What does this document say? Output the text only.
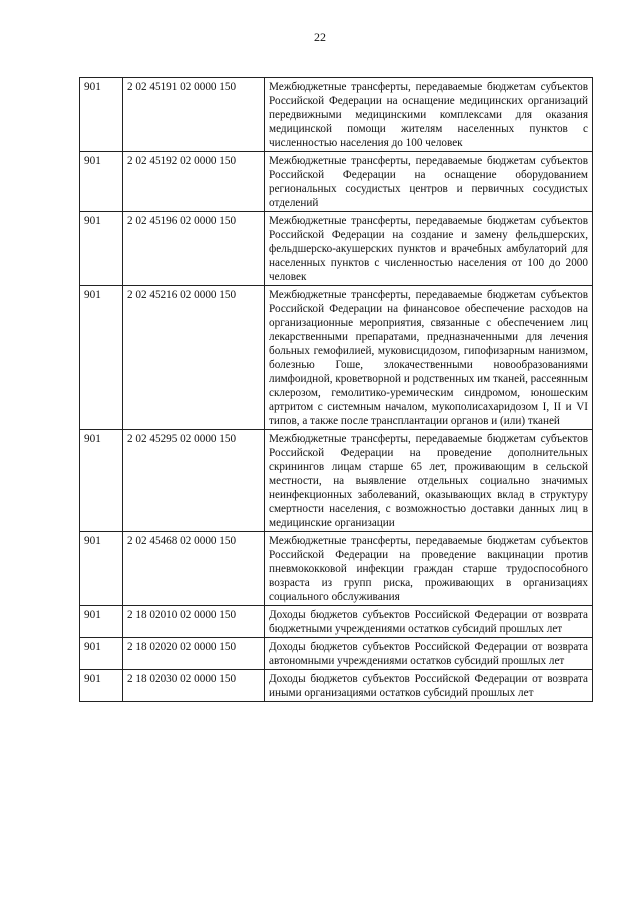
22
901	2 02 45191 02 0000 150	Межбюджетные трансферты, передаваемые бюджетам субъектов Российской Федерации на оснащение медицинских организаций передвижными медицинскими комплексами для оказания медицинской помощи жителям населенных пунктов с численностью населения до 100 человек
901	2 02 45192 02 0000 150	Межбюджетные трансферты, передаваемые бюджетам субъектов Российской Федерации на оснащение оборудованием региональных сосудистых центров и первичных сосудистых отделений
901	2 02 45196 02 0000 150	Межбюджетные трансферты, передаваемые бюджетам субъектов Российской Федерации на создание и замену фельдшерских, фельдшерско-акушерских пунктов и врачебных амбулаторий для населенных пунктов с численностью населения от 100 до 2000 человек
901	2 02 45216 02 0000 150	Межбюджетные трансферты, передаваемые бюджетам субъектов Российской Федерации на финансовое обеспечение расходов на организационные мероприятия, связанные с обеспечением лиц лекарственными препаратами, предназначенными для лечения больных гемофилией, муковисцидозом, гипофизарным нанизмом, болезнью Гоше, злокачественными новообразованиями лимфоидной, кроветворной и родственных им тканей, рассеянным склерозом, гемолитико-уремическим синдромом, юношеским артритом с системным началом, мукополисахаридозом I, II и VI типов, а также после трансплантации органов и (или) тканей
901	2 02 45295 02 0000 150	Межбюджетные трансферты, передаваемые бюджетам субъектов Российской Федерации на проведение дополнительных скринингов лицам старше 65 лет, проживающим в сельской местности, на выявление отдельных социально значимых неинфекционных заболеваний, оказывающих вклад в структуру смертности населения, с возможностью доставки данных лиц в медицинские организации
901	2 02 45468 02 0000 150	Межбюджетные трансферты, передаваемые бюджетам субъектов Российской Федерации на проведение вакцинации против пневмококковой инфекции граждан старше трудоспособного возраста из групп риска, проживающих в организациях социального обслуживания
901	2 18 02010 02 0000 150	Доходы бюджетов субъектов Российской Федерации от возврата бюджетными учреждениями остатков субсидий прошлых лет
901	2 18 02020 02 0000 150	Доходы бюджетов субъектов Российской Федерации от возврата автономными учреждениями остатков субсидий прошлых лет
901	2 18 02030 02 0000 150	Доходы бюджетов субъектов Российской Федерации от возврата иными организациями остатков субсидий прошлых лет
